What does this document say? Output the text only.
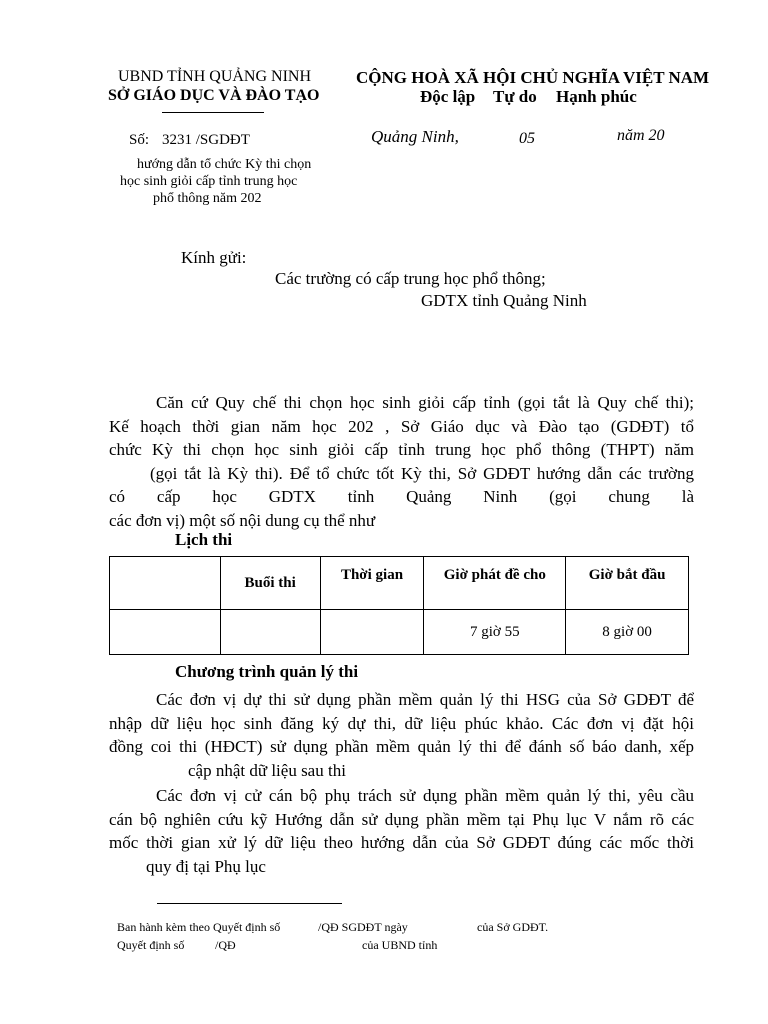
UBND TỈNH QUẢNG NINH
SỞ GIÁO DỤC VÀ ĐÀO TẠO
CỘNG HOÀ XÃ HỘI CHỦ NGHĨA VIỆT NAM
Độc lập Tự do Hạnh phúc
Số: 3231 /SGDĐT	Quảng Ninh,	05	năm 20
hướng dẫn tổ chức Kỳ thi chọn
học sinh giỏi cấp tỉnh trung học
phổ thông năm 202
Kính gửi:
Các trường có cấp trung học phổ thông;
GDTX tỉnh Quảng Ninh
Căn cứ Quy chế thi chọn học sinh giỏi cấp tỉnh (gọi tắt là Quy chế thi);
Kế hoạch thời gian năm học 202 , Sở Giáo dục và Đào tạo (GDĐT) tổ
chức Kỳ thi chọn học sinh giỏi cấp tỉnh trung học phổ thông (THPT) năm
(gọi tắt là Kỳ thi). Để tổ chức tốt Kỳ thi, Sở GDĐT hướng dẫn các trường
có cấp học GDTX tỉnh Quảng Ninh (gọi chung là
các đơn vị) một số nội dung cụ thể như
Lịch thi
	Buổi thi	Thời gian	Giờ phát đề cho	Giờ bắt đầu
			7 giờ 55	8 giờ 00
Chương trình quản lý thi
Các đơn vị dự thi sử dụng phần mềm quản lý thi HSG của Sở GDĐT để
nhập dữ liệu học sinh đăng ký dự thi, dữ liệu phúc khảo. Các đơn vị đặt hội
đồng coi thi (HĐCT) sử dụng phần mềm quản lý thi để đánh số báo danh, xếp
cập nhật dữ liệu sau thi
Các đơn vị cử cán bộ phụ trách sử dụng phần mềm quản lý thi, yêu cầu
cán bộ nghiên cứu kỹ Hướng dẫn sử dụng phần mềm tại Phụ lục V nắm rõ các
mốc thời gian xử lý dữ liệu theo hướng dẫn của Sở GDĐT đúng các mốc thời
quy đị tại Phụ lục
Ban hành kèm theo Quyết định số	/QĐ SGDĐT ngày	của Sở GDĐT.
Quyết định số	/QĐ	của UBND tỉnh
